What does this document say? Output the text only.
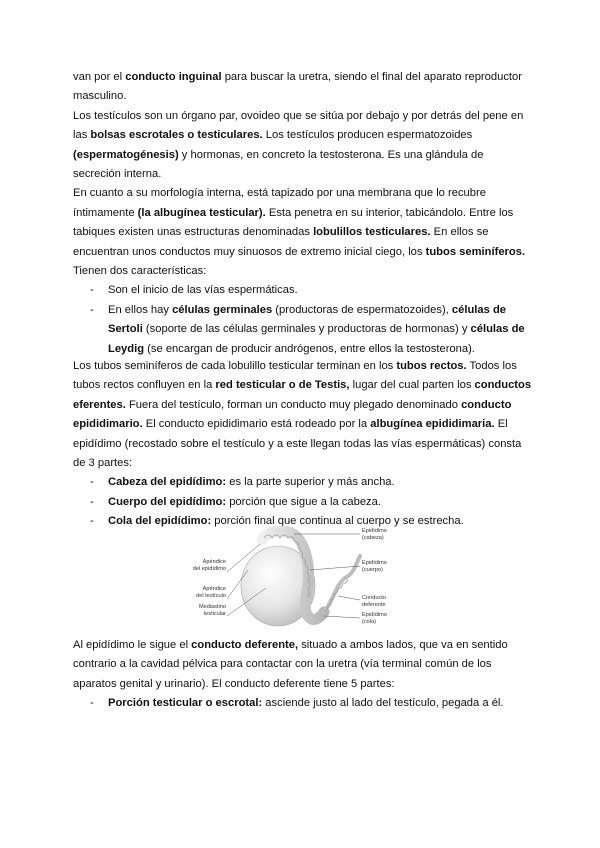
van por el conducto inguinal para buscar la uretra, siendo el final del aparato reproductor masculino.

Los testículos son un órgano par, ovoideo que se sitúa por debajo y por detrás del pene en las bolsas escrotales o testiculares. Los testículos producen espermatozoides (espermatogénesis) y hormonas, en concreto la testosterona. Es una glándula de secreción interna.

En cuanto a su morfología interna, está tapizado por una membrana que lo recubre íntimamente (la albugínea testicular). Esta penetra en su interior, tabicándolo. Entre los tabiques existen unas estructuras denominadas lobulillos testiculares. En ellos se encuentran unos conductos muy sinuosos de extremo inicial ciego, los tubos seminíferos. Tienen dos características:

- Son el inicio de las vías espermáticas.
- En ellos hay células germinales (productoras de espermatozoides), células de Sertoli (soporte de las células germinales y productoras de hormonas) y células de Leydig (se encargan de producir andrógenos, entre ellos la testosterona).

Los tubos seminíferos de cada lobulillo testicular terminan en los tubos rectos. Todos los tubos rectos confluyen en la red testicular o de Testis, lugar del cual parten los conductos eferentes. Fuera del testículo, forman un conducto muy plegado denominado conducto epididimario. El conducto epididimario está rodeado por la albugínea epididimaria. El epidídimo (recostado sobre el testículo y a este llegan todas las vías espermáticas) consta de 3 partes:

- Cabeza del epidídimo: es la parte superior y más ancha.
- Cuerpo del epidídimo: porción que sigue a la cabeza.
- Cola del epidídimo: porción final que continua al cuerpo y se estrecha.
Apéndice
del epidídimo
Apéndice
del testículo
Mediastino
testicular
Epidídimo
(cabeza)
Epidídimo
(cuerpo)
Conducto
deferente
Epidídimo
(cola)

Al epidídimo le sigue el conducto deferente, situado a ambos lados, que va en sentido contrario a la cavidad pélvica para contactar con la uretra (vía terminal común de los aparatos genital y urinario). El conducto deferente tiene 5 partes:

- Porción testicular o escrotal: asciende justo al lado del testículo, pegada a él.
